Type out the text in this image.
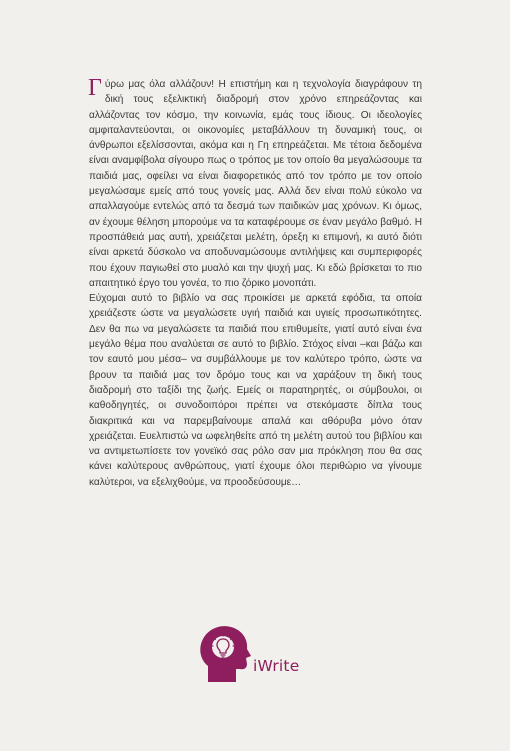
Γύρω μας όλα αλλάζουν! Η επιστήμη και η τεχνολογία διαγράφουν τη δική τους εξελικτική διαδρομή στον χρόνο επηρεάζοντας και αλλάζοντας τον κόσμο, την κοινωνία, εμάς τους ίδιους. Οι ιδεολογίες αμφιταλαντεύονται, οι οικονομίες μεταβάλλουν τη δυναμική τους, οι άνθρωποι εξελίσσονται, ακόμα και η Γη επηρεάζεται. Με τέτοια δεδομένα είναι αναμφίβολα σίγουρο πως ο τρόπος με τον οποίο θα μεγαλώσουμε τα παιδιά μας, οφείλει να είναι διαφορετικός από τον τρόπο με τον οποίο μεγαλώσαμε εμείς από τους γονείς μας. Αλλά δεν είναι πολύ εύκολο να απαλλαγούμε εντελώς από τα δεσμά των παιδικών μας χρόνων. Κι όμως, αν έχουμε θέληση μπορούμε να τα καταφέρουμε σε έναν μεγάλο βαθμό. Η προσπάθειά μας αυτή, χρειάζεται μελέτη, όρεξη κι επιμονή, κι αυτό διότι είναι αρκετά δύσκολο να αποδυναμώσουμε αντιλήψεις και συμπεριφορές που έχουν παγιωθεί στο μυαλό και την ψυχή μας. Κι εδώ βρίσκεται το πιο απαιτητικό έργο του γονέα, το πιο ζόρικο μονοπάτι.

Εύχομαι αυτό το βιβλίο να σας προικίσει με αρκετά εφόδια, τα οποία χρειάζεστε ώστε να μεγαλώσετε υγιή παιδιά και υγιείς προσωπικότητες. Δεν θα πω να μεγαλώσετε τα παιδιά που επιθυμείτε, γιατί αυτό είναι ένα μεγάλο θέμα που αναλύεται σε αυτό το βιβλίο. Στόχος είναι –και βάζω και τον εαυτό μου μέσα– να συμβάλλουμε με τον καλύτερο τρόπο, ώστε να βρουν τα παιδιά μας τον δρόμο τους και να χαράξουν τη δική τους διαδρομή στο ταξίδι της ζωής. Εμείς οι παρατηρητές, οι σύμβουλοι, οι καθοδηγητές, οι συνοδοιπόροι πρέπει να στεκόμαστε δίπλα τους διακριτικά και να παρεμβαίνουμε απαλά και αθόρυβα μόνο όταν χρειάζεται. Ευελπιστώ να ωφεληθείτε από τη μελέτη αυτού του βιβλίου και να αντιμετωπίσετε τον γονεϊκό σας ρόλο σαν μια πρόκληση που θα σας κάνει καλύτερους ανθρώπους, γιατί έχουμε όλοι περιθώριο να γίνουμε καλύτεροι, να εξελιχθούμε, να προοδεύσουμε…

iWrite
